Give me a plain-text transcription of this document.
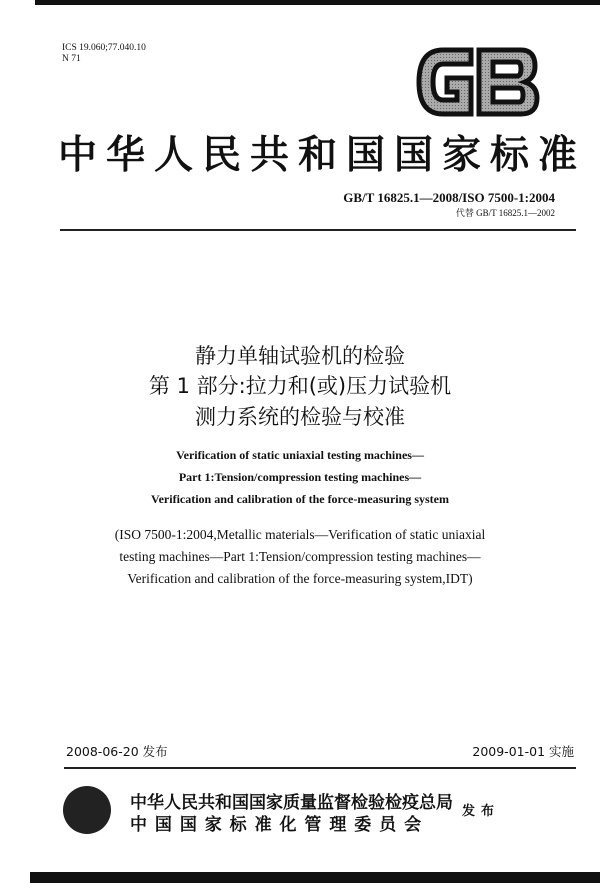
ICS 19.060;77.040.10
N 71
中华人民共和国国家标准
GB/T 16825.1—2008/ISO 7500-1:2004
代替 GB/T 16825.1—2002
静力单轴试验机的检验
第 1 部分:拉力和(或)压力试验机
测力系统的检验与校准
Verification of static uniaxial testing machines—
Part 1:Tension/compression testing machines—
Verification and calibration of the force-measuring system
(ISO 7500-1:2004,Metallic materials—Verification of static uniaxial
testing machines—Part 1:Tension/compression testing machines—
Verification and calibration of the force-measuring system,IDT)
2008-06-20 发布	2009-01-01 实施
中华人民共和国国家质量监督检验检疫总局
中 国 国 家 标 准 化 管 理 委 员 会
发布
